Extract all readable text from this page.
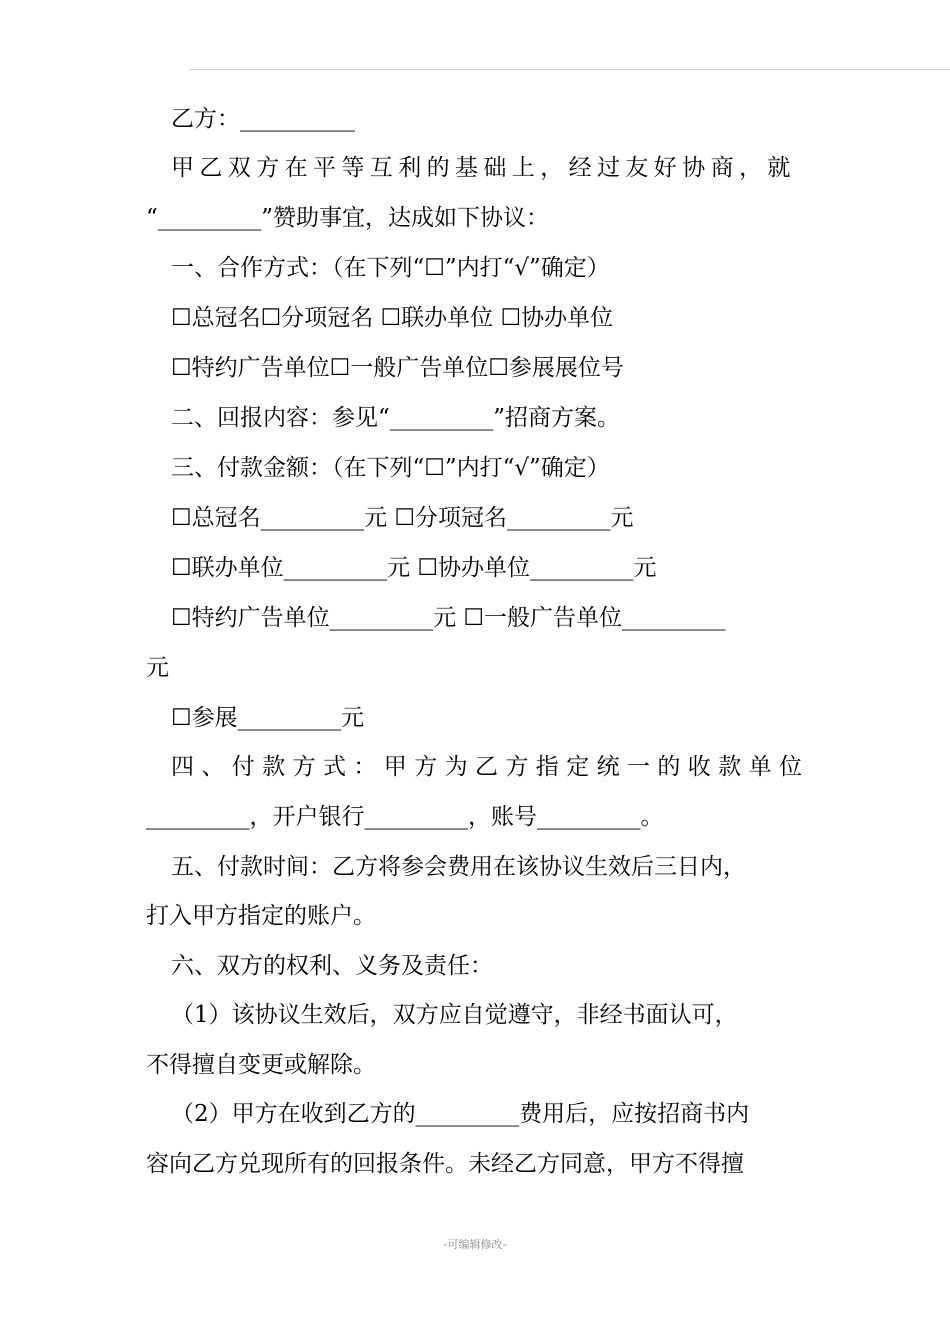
乙方：__________
甲乙双方在平等互利的基础上，经过友好协商，就
“_________”赞助事宜，达成如下协议：
一、合作方式：（在下列“☐”内打“√”确定）
☐总冠名☐分项冠名 ☐联办单位 ☐协办单位
☐特约广告单位☐一般广告单位☐参展展位号
二、回报内容：参见“_________”招商方案。
三、付款金额：（在下列“☐”内打“√”确定）
☐总冠名_________元 ☐分项冠名_________元
☐联办单位_________元 ☐协办单位_________元
☐特约广告单位_________元 ☐一般广告单位_________
元
☐参展_________元
四、付款方式：甲方为乙方指定统一的收款单位
_________，开户银行_________，账号_________。
五、付款时间：乙方将参会费用在该协议生效后三日内，
打入甲方指定的账户。
六、双方的权利、义务及责任：
（1）该协议生效后，双方应自觉遵守，非经书面认可，
不得擅自变更或解除。
（2）甲方在收到乙方的_________费用后，应按招商书内
容向乙方兑现所有的回报条件。未经乙方同意，甲方不得擅
-可编辑修改-
